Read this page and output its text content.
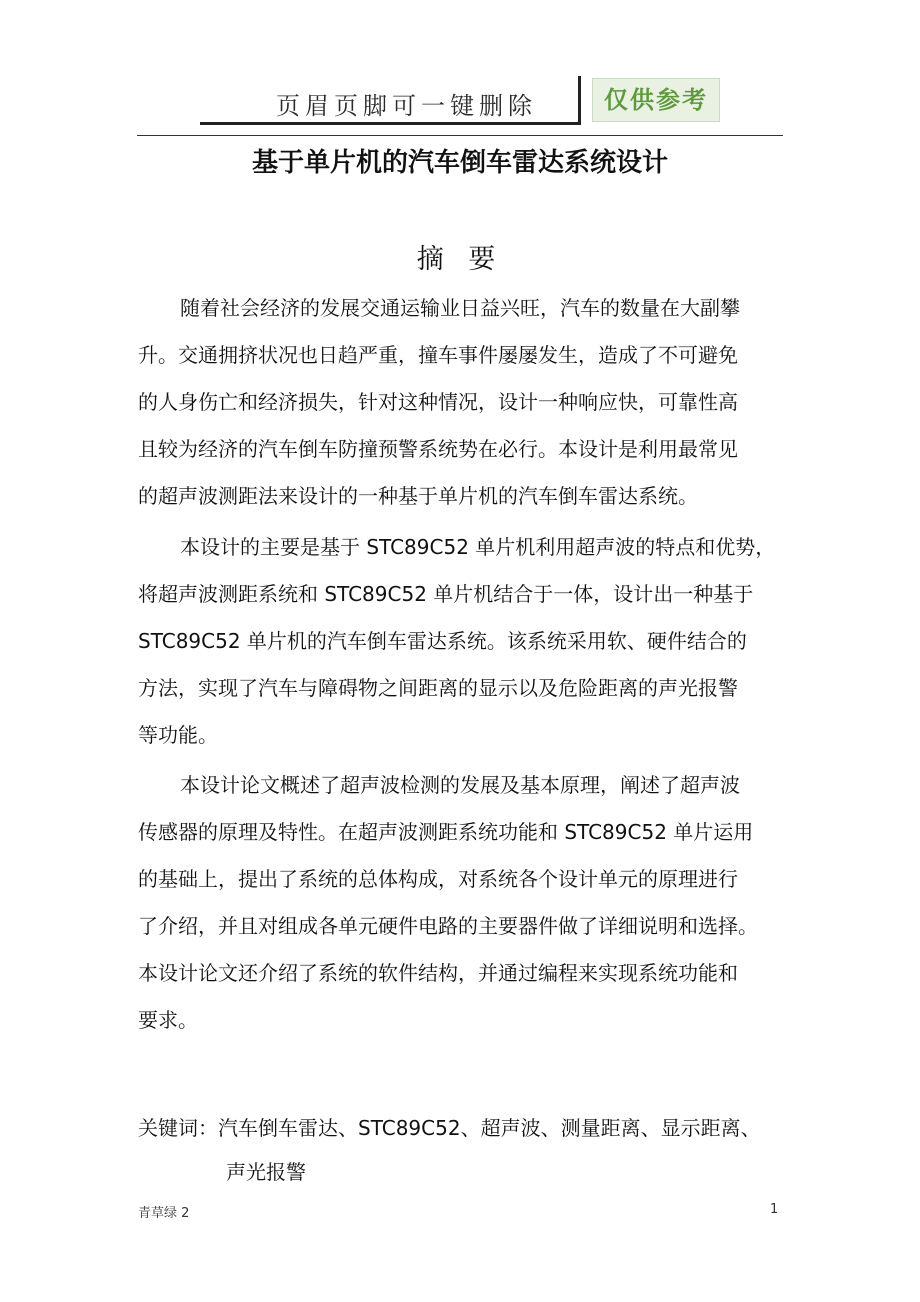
页眉页脚可一键删除	仅供参考
基于单片机的汽车倒车雷达系统设计
摘 要
随着社会经济的发展交通运输业日益兴旺，汽车的数量在大副攀
升。交通拥挤状况也日趋严重，撞车事件屡屡发生，造成了不可避免
的人身伤亡和经济损失，针对这种情况，设计一种响应快，可靠性高
且较为经济的汽车倒车防撞预警系统势在必行。本设计是利用最常见
的超声波测距法来设计的一种基于单片机的汽车倒车雷达系统。
本设计的主要是基于 STC89C52 单片机利用超声波的特点和优势，
将超声波测距系统和 STC89C52 单片机结合于一体，设计出一种基于
STC89C52 单片机的汽车倒车雷达系统。该系统采用软、硬件结合的
方法，实现了汽车与障碍物之间距离的显示以及危险距离的声光报警
等功能。
本设计论文概述了超声波检测的发展及基本原理，阐述了超声波
传感器的原理及特性。在超声波测距系统功能和 STC89C52 单片运用
的基础上，提出了系统的总体构成，对系统各个设计单元的原理进行
了介绍，并且对组成各单元硬件电路的主要器件做了详细说明和选择。
本设计论文还介绍了系统的软件结构，并通过编程来实现系统功能和
要求。
关键词：汽车倒车雷达、STC89C52、超声波、测量距离、显示距离、
声光报警
青草绿 2	1
